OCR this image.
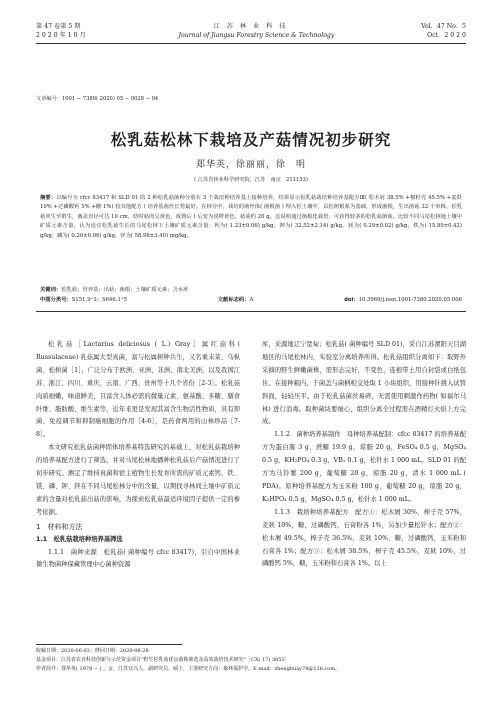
第 47 卷第 5 期	江 苏 林 业 科 技	Vol．47 No．5
2 0 2 0 年 1 0 月	Journal of Jiangsu Forestry Science & Technology	Oct．2 0 2 0
文章编号：1001 − 7380( 2020) 05 − 0028 − 04
松乳菇松林下栽培及产菇情况初步研究
郑华英，徐丽丽，徐　明
( 江苏省林业科学研究院，江苏　南京　211153)
摘要：以编号为 cfcc 83417 和 SLD 01 的 2 种松乳菇菌种分别在 3 个栽培种培养基上接种培养，结果显示松乳菇栽培种培养基配方Ⅲ( 松木屑 38.5% +棉籽壳 45.5% +麦麸 10% +过磷酸钙 5% +糖 1%) 较其他配方 ( 培养基菌丝长势最好。在林分中，栽培的菌丝体( 菌根菌 ) 埋入松土壤中，以松树根系为基础，形成菌根，生出菌菇 32 个单株，松乳菇单生至群生，菌盖直径可达 10 cm，幼时菇肉呈黄色，成熟后 ) 后变为淡橙黄色，菇重约 20 g。这说明通过菌根化栽培，可获得较多的松乳菇菌菇。比较不同马尾松林地土壤中矿质元素含量，认为适宜松乳菇生长的马尾松林下土壤矿质元素含量：钙为( 1.23±0.06) g/kg，钾为( 32.52±2.14) g/kg，镁为( 0.29±0.02) g/kg，铁为( 15.89±0.42) g/kg，磷为( 0.20±0.06) g/kg，锌为( 58.98±3.40) mg/kg。
关键词：松乳菇；培养基；出菇；菌根；土壤矿质元素；含水率
中图分类号：S151.9⁺3；S646.1⁺5	文献标志码：A	doi：10.3969/j.issn.1001-7380.2020.05.006

松乳菇［Lactarius deliciosus ( L.) Gray］属红菇科( Russulaceae) 乳菇属大型真菌，富与松属树种共生，又名重末菜、乌枞菌、松树菌［1］，广泛分布于欧洲、亚洲、非洲、南北美洲，以及我国江苏、浙江、四川、重庆、云南、广西、贵州等十几个省份［2-3］。松乳菇肉质细嫩，味道鲜美，且富含人体必需的微量元素、氨基酸、多糖、膳食纤维、脂肪酸、维生素等，近年来更是发现其富含生物活性物质，具有抑菌、免疫调节和抑制癌细胞的作用［4-6］，是药食两用的山林珍品［7-8］。

本文研究松乳菇菌种固体培养基特选研究的基础上，对松乳菇栽培种的培养基配方进行了筛选，并对马尾松林地播种松乳菇后产菇情况进行了初步研究。测定了维持真菌和宿主植物生长发育所需的矿质元素钙、铁、镁、磷、钾、锌在不同马尾松林分中的含量，以期找寻林间土壤中矿质元素的含量对松乳菇出菇的影响，为探索松乳菇最适环境因子提供一定的参考依据。

1　材料和方法

1.1　松乳菇栽培种培养基筛选

1.1.1　菌种来源　松乳菇( 菌种编号 cfcc 83417)，引自中国林业微生物菌种保藏管理中心菌种资源

库，来源地辽宁宽甸；松乳菇( 菌种编号 SLD 01)，采自江苏溧阳天目湖地区的马尾松林内，实验室分离培养所得。松乳菇组织分离如下：取野外采摘的野生鲜嫩菌株，需形态完好，不变色，连根带土用自封袋或白纸包住。在接种箱内，于菌盖与菌柄相交处取 1 小块组织，用接种针挑入试管斜面，轻轻压平。由于松乳菇菌丝易碎，无需使用刺激作药物( 如福尔马林) 进行消毒。取种菌块要细心，组织分离全过程需在酒精灯火焰上方完成。

1.1.2　菌种培养基制作　母种培养基配制：cfcc 83417 的培养基配方为蛋白胨 3 g，蔗糖 19.9 g，琼脂 20 g，FeSO₄ 0.5 g，MgSO₄ 0.5 g，KH₂PO₄ 0.3 g，VB₁ 0.1 g，松针水 1 000 mL。SLD 01 的配方为马铃薯 200 g，葡萄糖 20 g，琼脂 20 g，清水 1 000 mL ( PDA)。原种培养基配方为玉米粉 100 g，葡萄糖 20 g，琼脂 20 g，K₂HPO₄ 0.5 g，MgSO₄ 0.5 g，松针水 1 000 mL。

1.1.3　栽培种培养基配方　配方①：松木屑 30%，榨子壳 57%，麦麸 10%，糖，过磷酸钙，石膏粉各 1%，另加少量松针水；配方②：松木屑 49.5%，榨子壳 36.5%，麦麸 10%，糖，过磷酸钙，玉米粉和石膏各 1%；配方③：松木屑 38.5%，榨子壳 45.5%，麦麸 10%，过磷酸钙 5%，糖，玉米粉和石膏各 1%。以上

收稿日期：2020-06-03；修回日期：2020-08-28
基金项目：江苏省农业科技创新与示范资金项目“野生松乳菇优良菌株筛选及高效栽培技术研究”［CX( 17) 3053］
作者简介：郑华英( 1978 − ) ，女，江苏宜兴人，副研究员，硕士，主要研究方向：森林保护学。E-mail：zhenghuay78@126.com。
